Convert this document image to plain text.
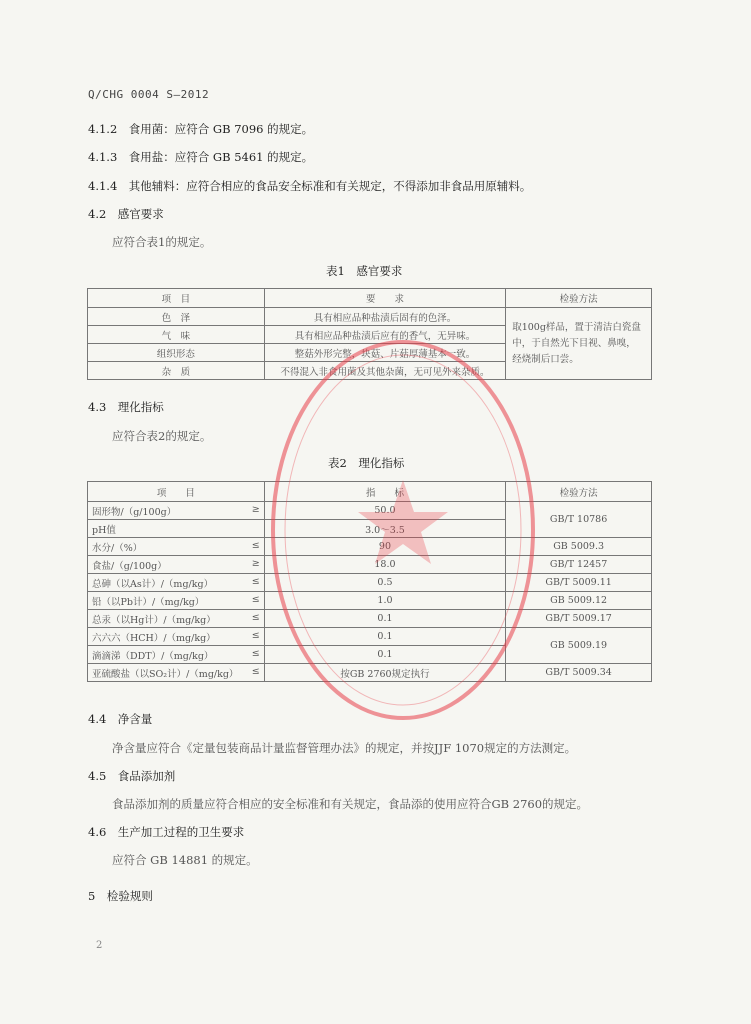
Q/CHG 0004 S—2012
4.1.2　食用菌：应符合 GB 7096 的规定。
4.1.3　食用盐：应符合 GB 5461 的规定。
4.1.4　其他辅料：应符合相应的食品安全标准和有关规定，不得添加非食品用原辅料。
4.2　感官要求
应符合表1的规定。
表1　感官要求
项　目	要　　求	检验方法
色　泽	具有相应品种盐渍后固有的色泽。	取100g样品，置于清洁白瓷盘中，于自然光下目视、鼻嗅，经烧制后口尝。
气　味	具有相应品种盐渍后应有的香气，无异味。	
组织形态	整菇外形完整，块菇、片菇厚薄基本一致。	
杂　质	不得混入非食用菌及其他杂菌，无可见外来杂质。	
4.3　理化指标
应符合表2的规定。
表2　理化指标
项　　目	指　　标	检验方法
固形物/（g/100g） ≥	50.0	GB/T 10786
pH值	3.0～3.5	
水分/（%） ≤	90	GB 5009.3
食盐/（g/100g） ≥	18.0	GB/T 12457
总砷（以As计）/（mg/kg） ≤	0.5	GB/T 5009.11
铅（以Pb计）/（mg/kg） ≤	1.0	GB 5009.12
总汞（以Hg计）/（mg/kg） ≤	0.1	GB/T 5009.17
六六六（HCH）/（mg/kg） ≤	0.1	GB 5009.19
滴滴涕（DDT）/（mg/kg） ≤	0.1	
亚硫酸盐（以SO₂计）/（mg/kg） ≤	按GB 2760规定执行	GB/T 5009.34
4.4　净含量
净含量应符合《定量包装商品计量监督管理办法》的规定，并按JJF 1070规定的方法测定。
4.5　食品添加剂
食品添加剂的质量应符合相应的安全标准和有关规定，食品添的使用应符合GB 2760的规定。
4.6　生产加工过程的卫生要求
应符合 GB 14881 的规定。
5　检验规则
2
